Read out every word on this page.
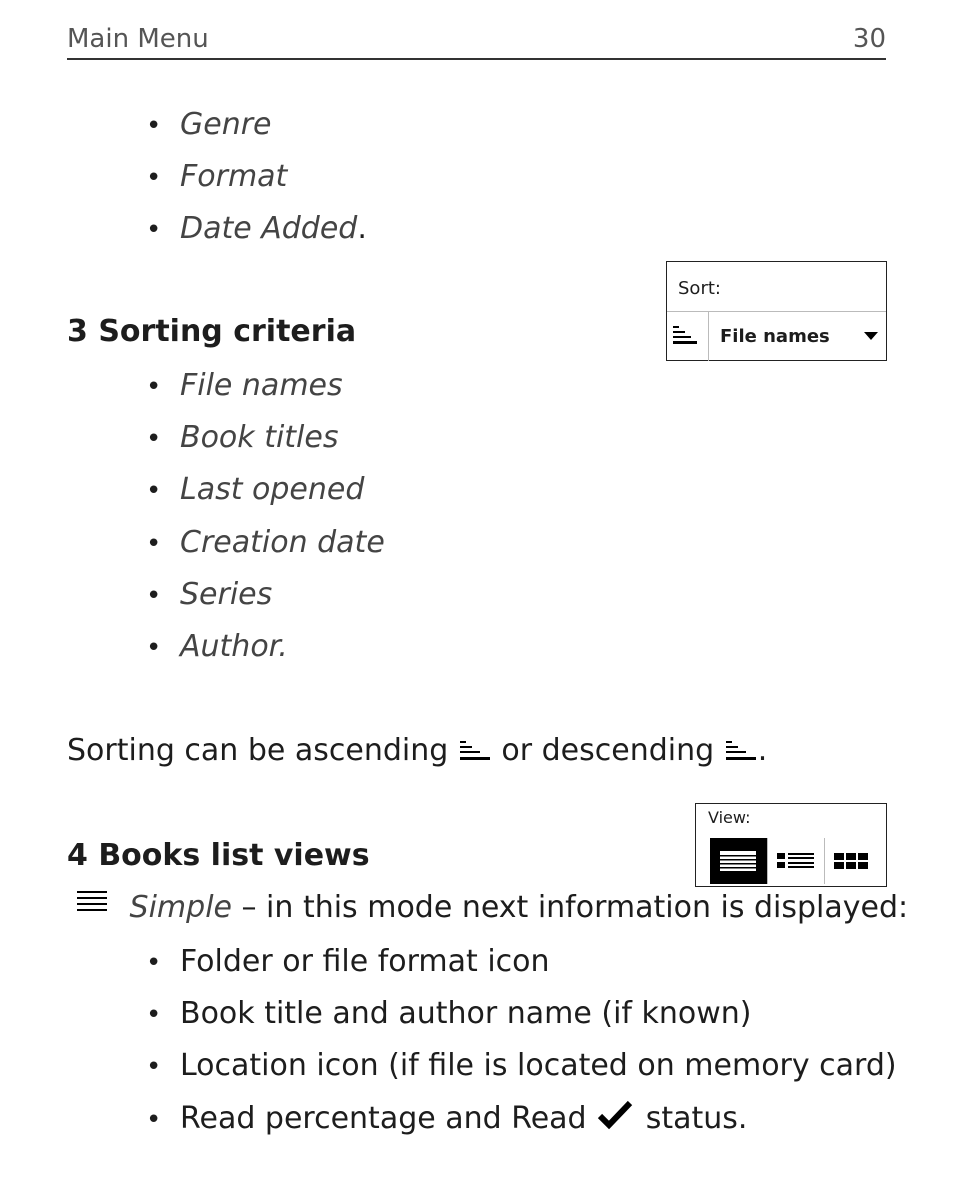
Main Menu	30
• Genre
• Format
• Date Added.
Sort:
File names
3 Sorting criteria
• File names
• Book titles
• Last opened
• Creation date
• Series
• Author.
Sorting can be ascending or descending .
View:
4 Books list views
Simple – in this mode next information is displayed:
• Folder or file format icon
• Book title and author name (if known)
• Location icon (if file is located on memory card)
• Read percentage and Read status.
